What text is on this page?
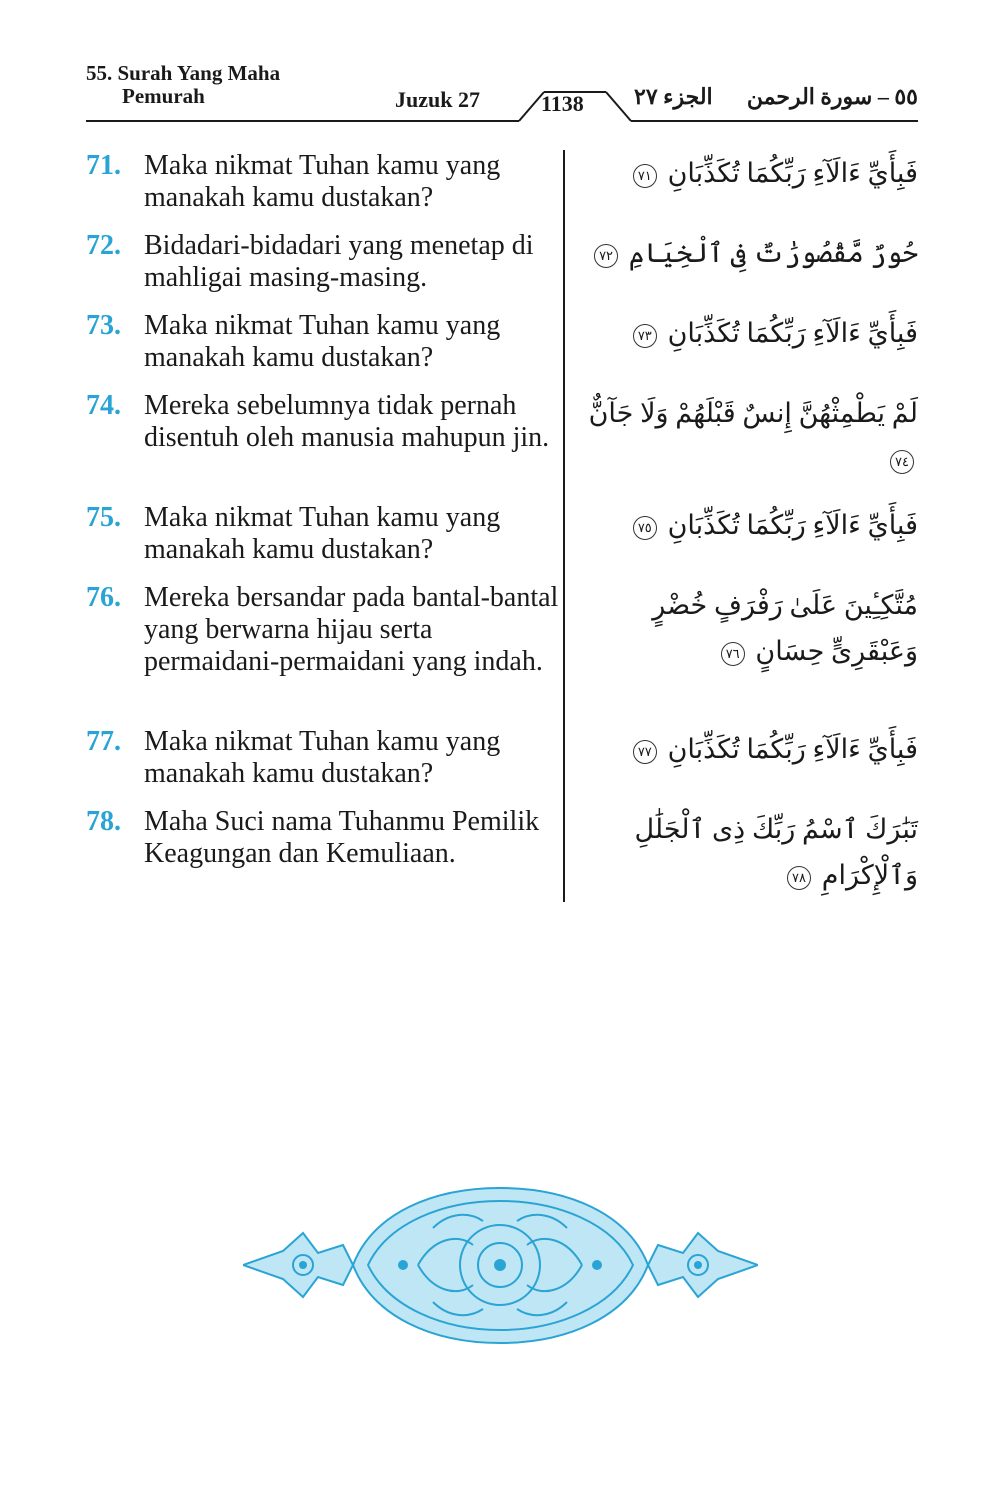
55. Surah Yang Maha
Pemurah	Juzuk 27	1138 الجزء ٢٧ ٥٥ – سورة الرحمن
71. Maka nikmat Tuhan kamu yang manakah kamu dustakan?
فَبِأَيِّ ءَالَآءِ رَبِّكُمَا تُكَذِّبَانِ ٧١
72. Bidadari-bidadari yang menetap di mahligai masing-masing.
حُورٌ مَّقْصُورَٰتٌ فِى ٱلْخِيَامِ ٧٢
73. Maka nikmat Tuhan kamu yang manakah kamu dustakan?
فَبِأَيِّ ءَالَآءِ رَبِّكُمَا تُكَذِّبَانِ ٧٣
74. Mereka sebelumnya tidak pernah disentuh oleh manusia mahupun jin.
لَمْ يَطْمِثْهُنَّ إِنسٌ قَبْلَهُمْ وَلَا جَآنٌّ ٧٤
75. Maka nikmat Tuhan kamu yang manakah kamu dustakan?
فَبِأَيِّ ءَالَآءِ رَبِّكُمَا تُكَذِّبَانِ ٧٥
76. Mereka bersandar pada bantal-bantal yang berwarna hijau serta permaidani-permaidani yang indah.
مُتَّكِـِٔينَ عَلَىٰ رَفْرَفٍ خُضْرٍ وَعَبْقَرِىٍّ حِسَانٍ ٧٦
77. Maka nikmat Tuhan kamu yang manakah kamu dustakan?
فَبِأَيِّ ءَالَآءِ رَبِّكُمَا تُكَذِّبَانِ ٧٧
78. Maha Suci nama Tuhanmu Pemilik Keagungan dan Kemuliaan.
تَبَٰرَكَ ٱسْمُ رَبِّكَ ذِى ٱلْجَلَٰلِ وَٱلْإِكْرَامِ ٧٨
